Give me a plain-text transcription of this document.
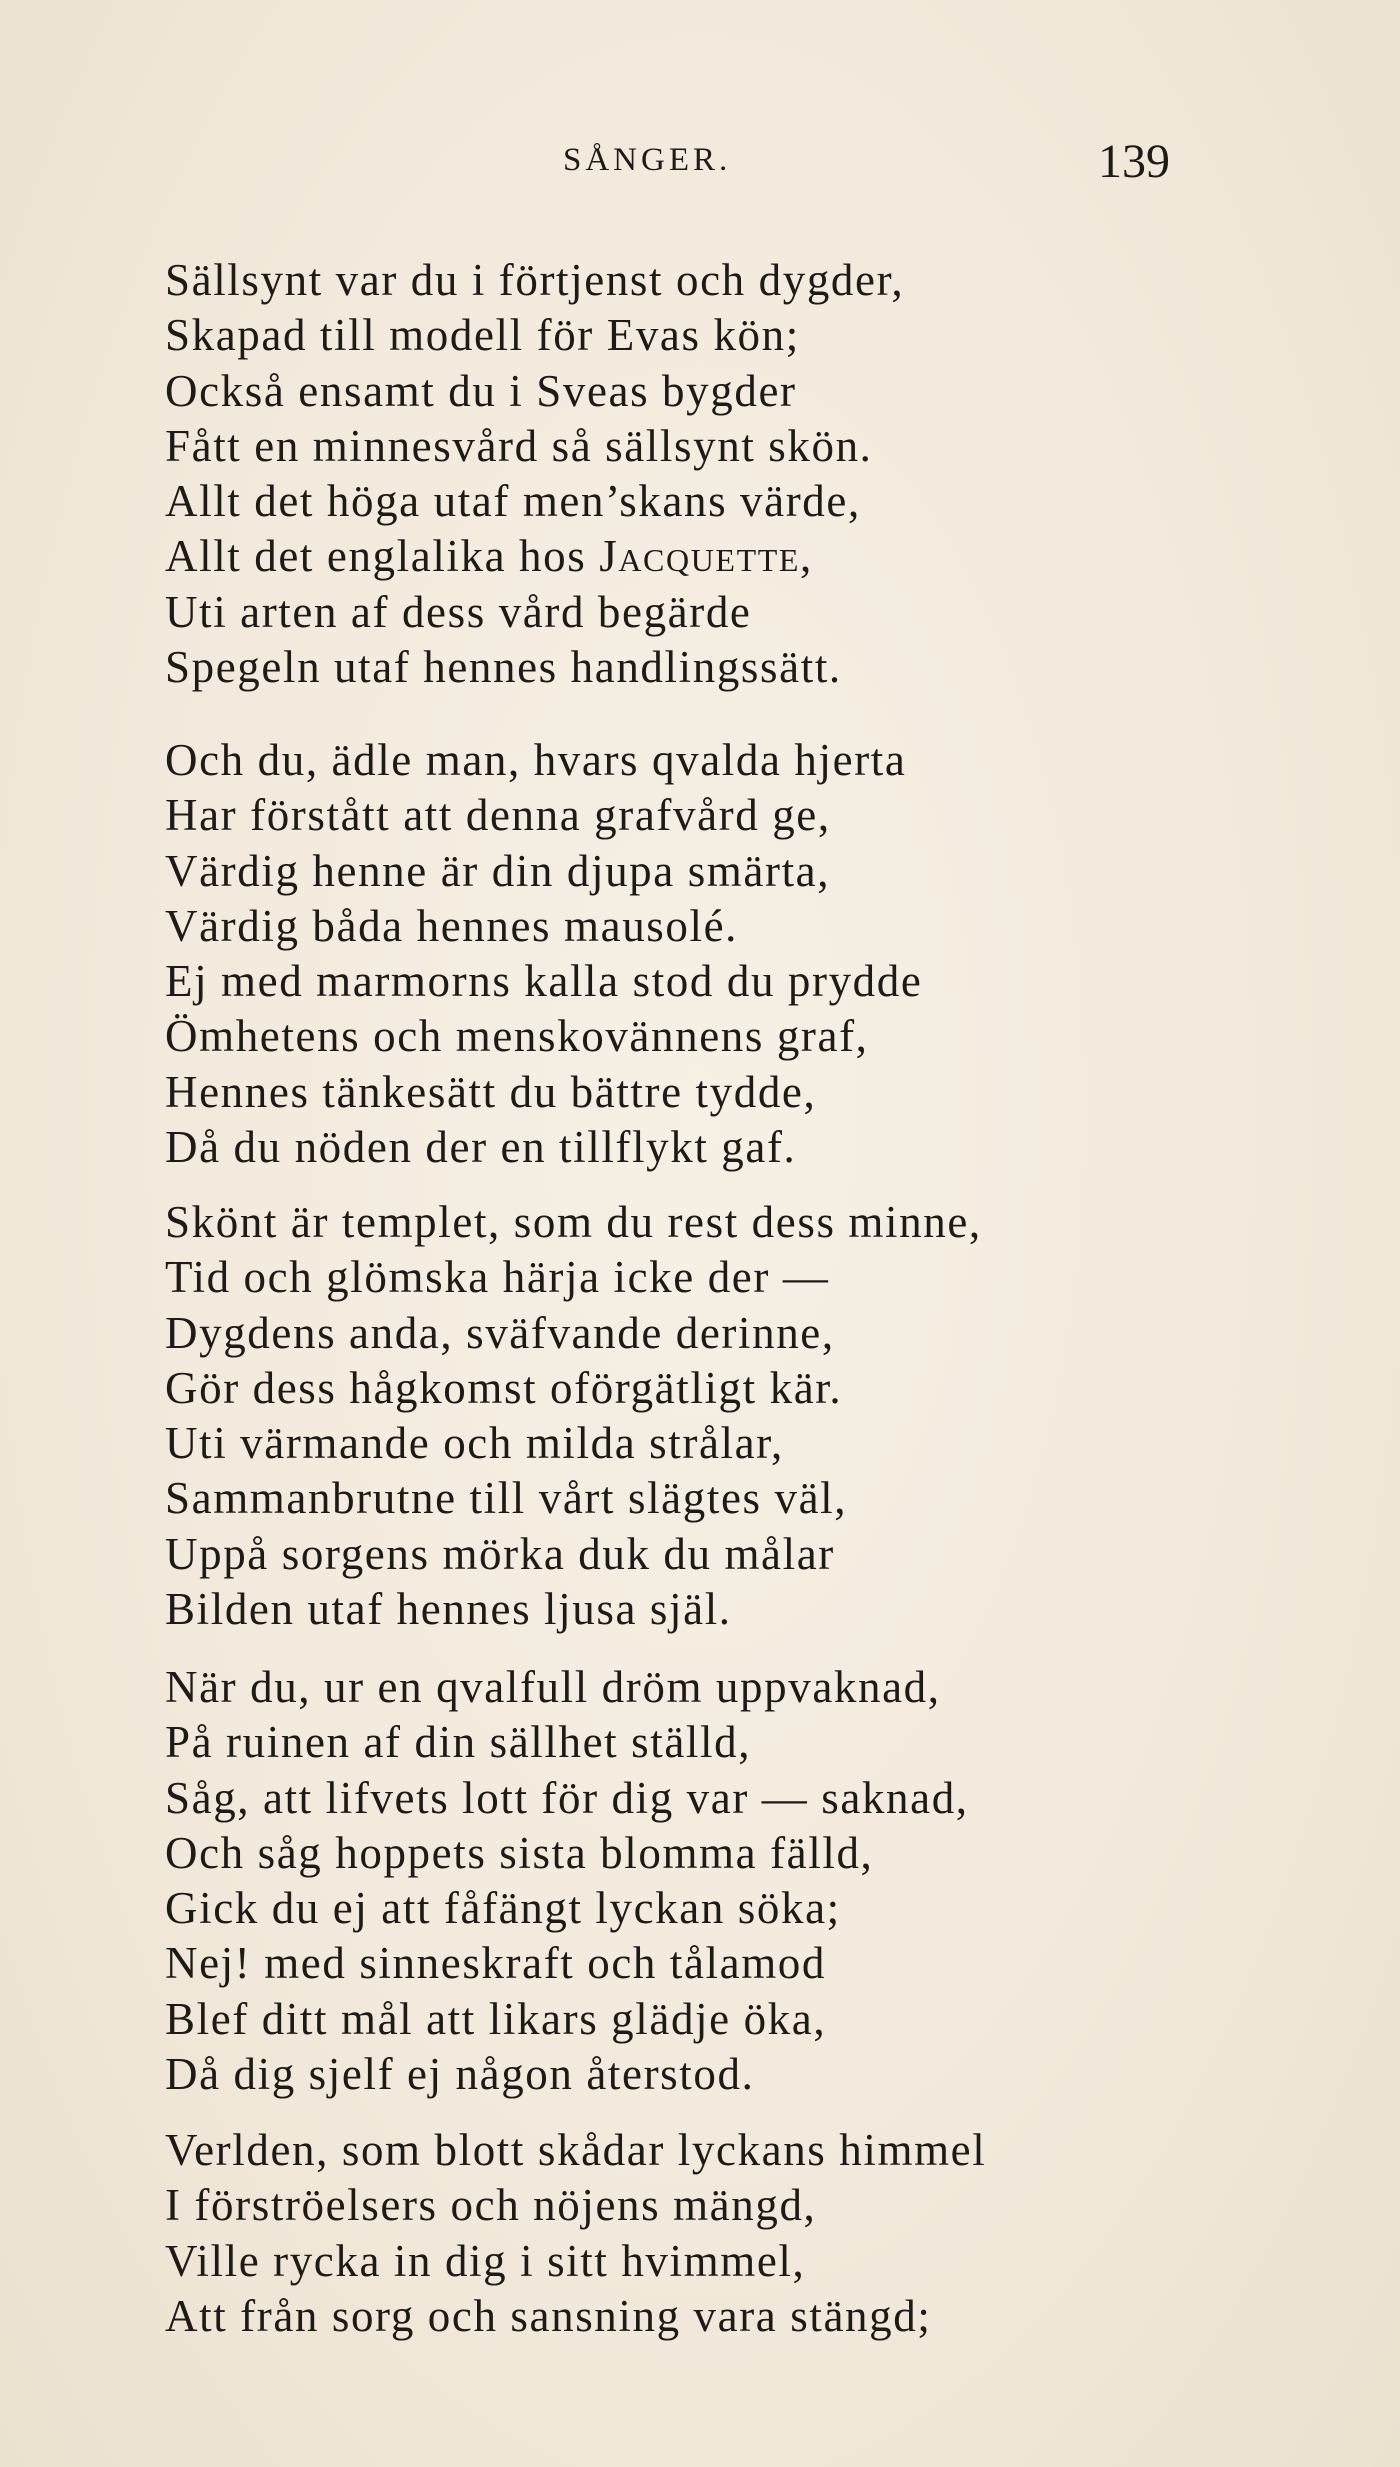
SÅNGER.	139
Sällsynt var du i förtjenst och dygder,
Skapad till modell för Evas kön;
Också ensamt du i Sveas bygder
Fått en minnesvård så sällsynt skön.
Allt det höga utaf men’skans värde,
Allt det englalika hos Jacquette,
Uti arten af dess vård begärde
Spegeln utaf hennes handlingssätt.
Och du, ädle man, hvars qvalda hjerta
Har förstått att denna grafvård ge,
Värdig henne är din djupa smärta,
Värdig båda hennes mausolé.
Ej med marmorns kalla stod du prydde
Ömhetens och menskovännens graf,
Hennes tänkesätt du bättre tydde,
Då du nöden der en tillflykt gaf.
Skönt är templet, som du rest dess minne,
Tid och glömska härja icke der —
Dygdens anda, sväfvande derinne,
Gör dess hågkomst oförgätligt kär.
Uti värmande och milda strålar,
Sammanbrutne till vårt slägtes väl,
Uppå sorgens mörka duk du målar
Bilden utaf hennes ljusa själ.
När du, ur en qvalfull dröm uppvaknad,
På ruinen af din sällhet ställd,
Såg, att lifvets lott för dig var — saknad,
Och såg hoppets sista blomma fälld,
Gick du ej att fåfängt lyckan söka;
Nej! med sinneskraft och tålamod
Blef ditt mål att likars glädje öka,
Då dig sjelf ej någon återstod.
Verlden, som blott skådar lyckans himmel
I förströelsers och nöjens mängd,
Ville rycka in dig i sitt hvimmel,
Att från sorg och sansning vara stängd;
